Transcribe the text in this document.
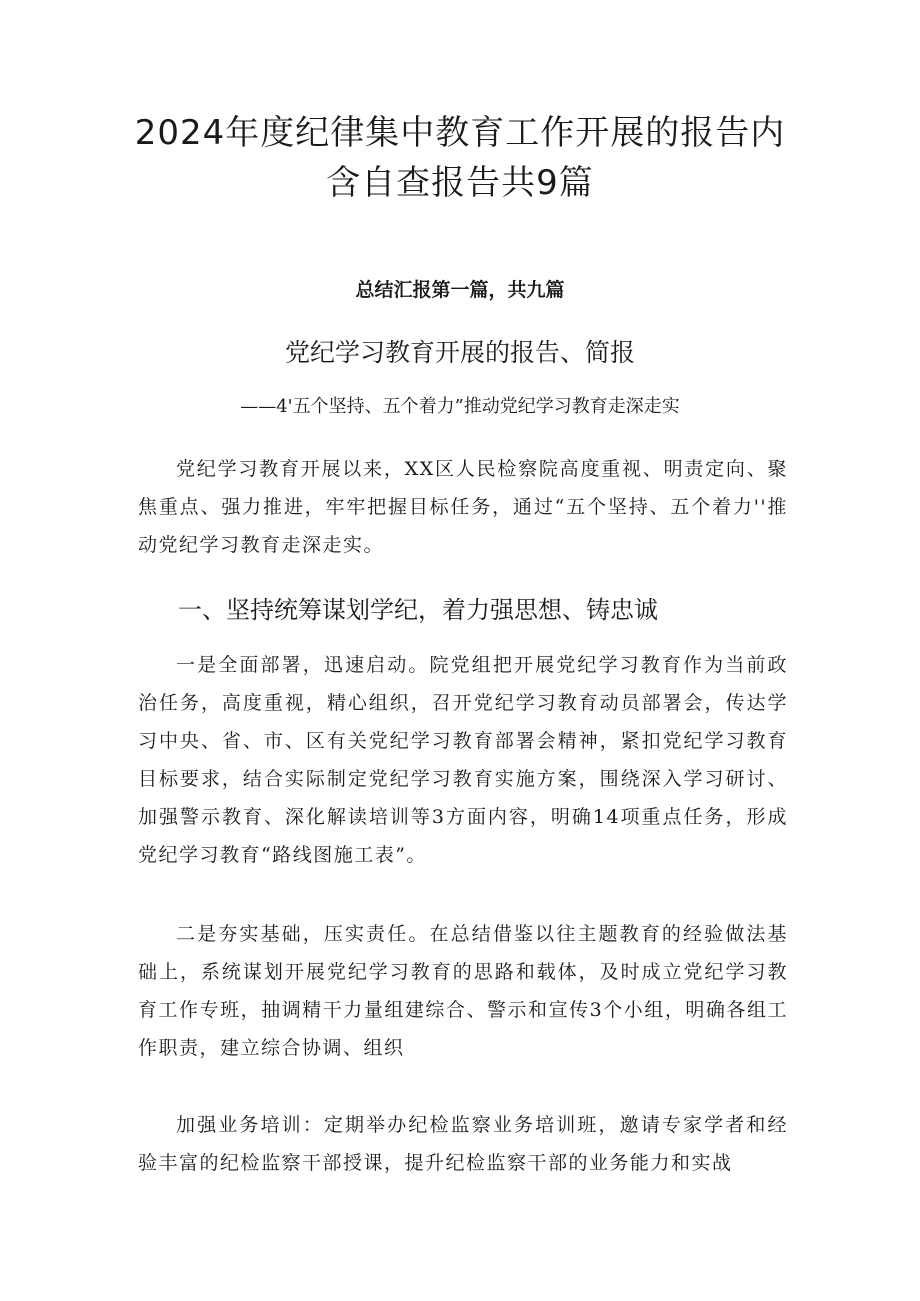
2024年度纪律集中教育工作开展的报告内
含自查报告共9篇

总结汇报第一篇，共九篇

党纪学习教育开展的报告、简报

——4'五个坚持、五个着力”推动党纪学习教育走深走实

党纪学习教育开展以来，XX区人民检察院高度重视、明责定向、聚焦重点、强力推进，牢牢把握目标任务，通过“五个坚持、五个着力''推动党纪学习教育走深走实。

一、坚持统筹谋划学纪，着力强思想、铸忠诚

一是全面部署，迅速启动。院党组把开展党纪学习教育作为当前政治任务，高度重视，精心组织，召开党纪学习教育动员部署会，传达学习中央、省、市、区有关党纪学习教育部署会精神，紧扣党纪学习教育目标要求，结合实际制定党纪学习教育实施方案，围绕深入学习研讨、加强警示教育、深化解读培训等3方面内容，明确14项重点任务，形成党纪学习教育“路线图施工表”。

二是夯实基础，压实责任。在总结借鉴以往主题教育的经验做法基础上，系统谋划开展党纪学习教育的思路和载体，及时成立党纪学习教育工作专班，抽调精干力量组建综合、警示和宣传3个小组，明确各组工作职责，建立综合协调、组织

加强业务培训：定期举办纪检监察业务培训班，邀请专家学者和经验丰富的纪检监察干部授课，提升纪检监察干部的业务能力和实战
